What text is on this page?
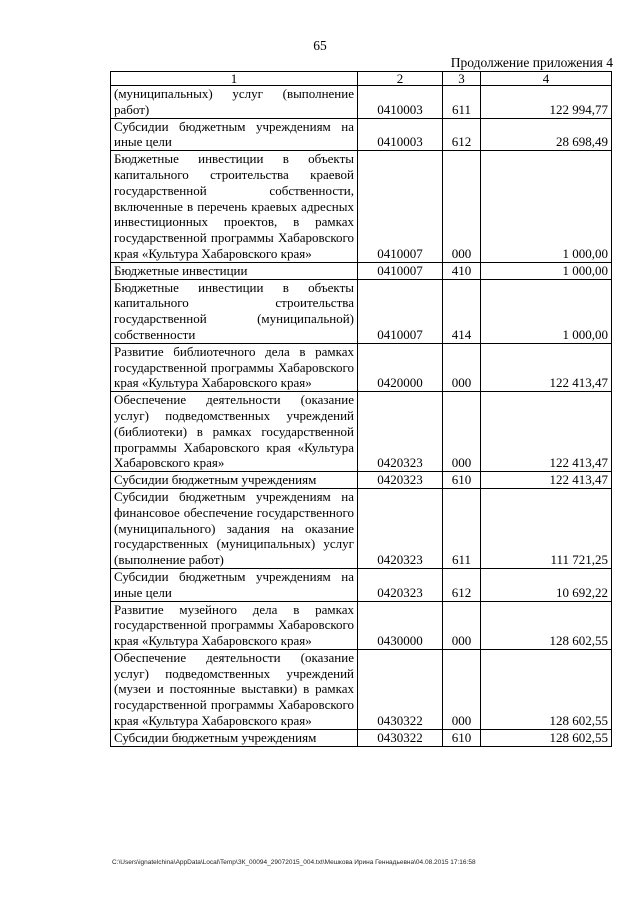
65
Продолжение приложения 4
1	2	3	4
(муниципальных) услуг (выполнение работ)	0410003	611	122 994,77
Субсидии бюджетным учреждениям на иные цели	0410003	612	28 698,49
Бюджетные инвестиции в объекты капитального строительства краевой государственной собственности, включенные в перечень краевых адресных инвестиционных проектов, в рамках государственной программы Хабаровского края «Культура Хабаровского края»	0410007	000	1 000,00
Бюджетные инвестиции	0410007	410	1 000,00
Бюджетные инвестиции в объекты капитального строительства государственной (муниципальной) собственности	0410007	414	1 000,00
Развитие библиотечного дела в рамках государственной программы Хабаровского края «Культура Хабаровского края»	0420000	000	122 413,47
Обеспечение деятельности (оказание услуг) подведомственных учреждений (библиотеки) в рамках государственной программы Хабаровского края «Культура Хабаровского края»	0420323	000	122 413,47
Субсидии бюджетным учреждениям	0420323	610	122 413,47
Субсидии бюджетным учреждениям на финансовое обеспечение государственного (муниципального) задания на оказание государственных (муниципальных) услуг (выполнение работ)	0420323	611	111 721,25
Субсидии бюджетным учреждениям на иные цели	0420323	612	10 692,22
Развитие музейного дела в рамках государственной программы Хабаровского края «Культура Хабаровского края»	0430000	000	128 602,55
Обеспечение деятельности (оказание услуг) подведомственных учреждений (музеи и постоянные выставки) в рамках государственной программы Хабаровского края «Культура Хабаровского края»	0430322	000	128 602,55
Субсидии бюджетным учреждениям	0430322	610	128 602,55
C:\Users\ignatelchina\AppData\Local\Temp\ЗК_00094_29072015_004.txt\Мешкова Ирина Геннадьевна\04.08.2015 17:16:58
